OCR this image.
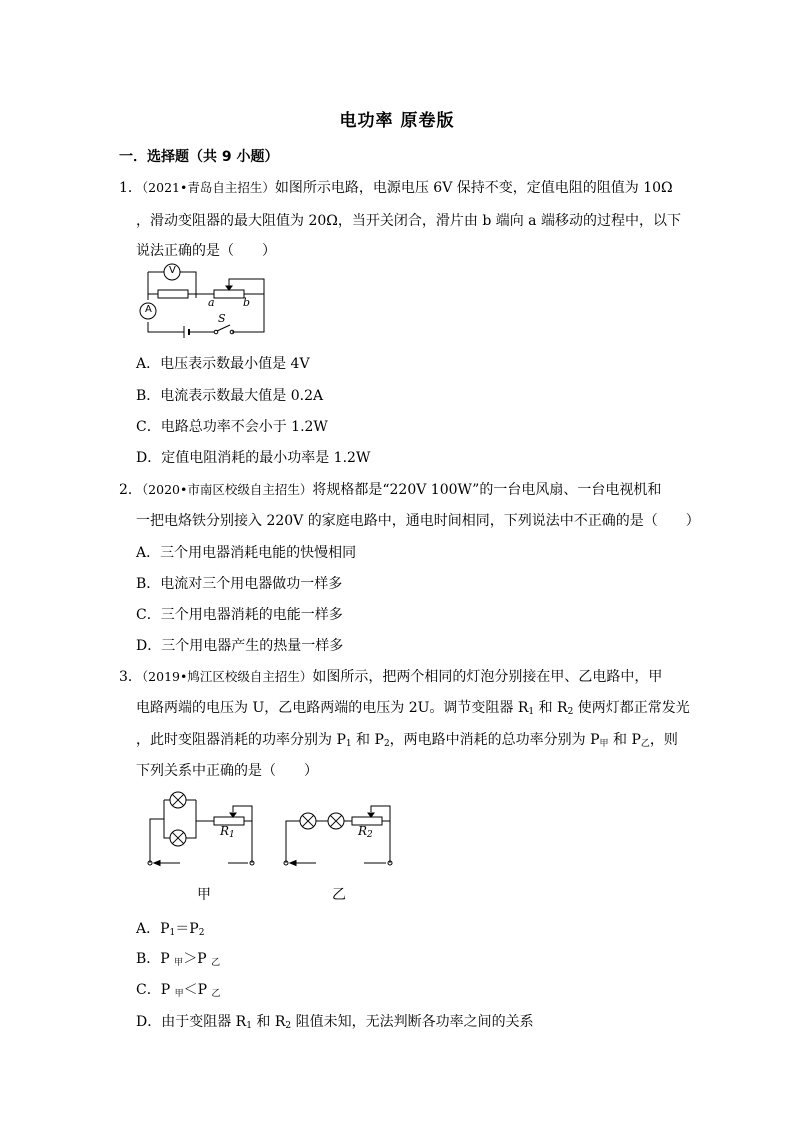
电功率 原卷版
一．选择题（共 9 小题）
1．（2021•青岛自主招生）如图所示电路，电源电压 6V 保持不变，定值电阻的阻值为 10Ω
，滑动变阻器的最大阻值为 20Ω，当开关闭合，滑片由 b 端向 a 端移动的过程中，以下
说法正确的是（　　）
V
A
a	b
S
A．电压表示数最小值是 4V
B．电流表示数最大值是 0.2A
C．电路总功率不会小于 1.2W
D．定值电阻消耗的最小功率是 1.2W
2．（2020•市南区校级自主招生）将规格都是“220V 100W”的一台电风扇、一台电视机和
一把电烙铁分别接入 220V 的家庭电路中，通电时间相同，下列说法中不正确的是（　　）
A．三个用电器消耗电能的快慢相同
B．电流对三个用电器做功一样多
C．三个用电器消耗的电能一样多
D．三个用电器产生的热量一样多
3．（2019•鸠江区校级自主招生）如图所示，把两个相同的灯泡分别接在甲、乙电路中，甲
电路两端的电压为 U，乙电路两端的电压为 2U。调节变阻器 $R_1$ 和 $R_2$ 使两灯都正常发光
，此时变阻器消耗的功率分别为 $P_1$ 和 $P_2$，两电路中消耗的总功率分别为 $P_甲$ 和 $P_乙$，则
下列关系中正确的是（　　）
$R_1$	$R_2$
甲	乙
A．$P_1=P_2$
B．P $_甲$＞P $_乙$
C．P $_甲$＜P $_乙$
D．由于变阻器 $R_1$ 和 $R_2$ 阻值未知，无法判断各功率之间的关系
